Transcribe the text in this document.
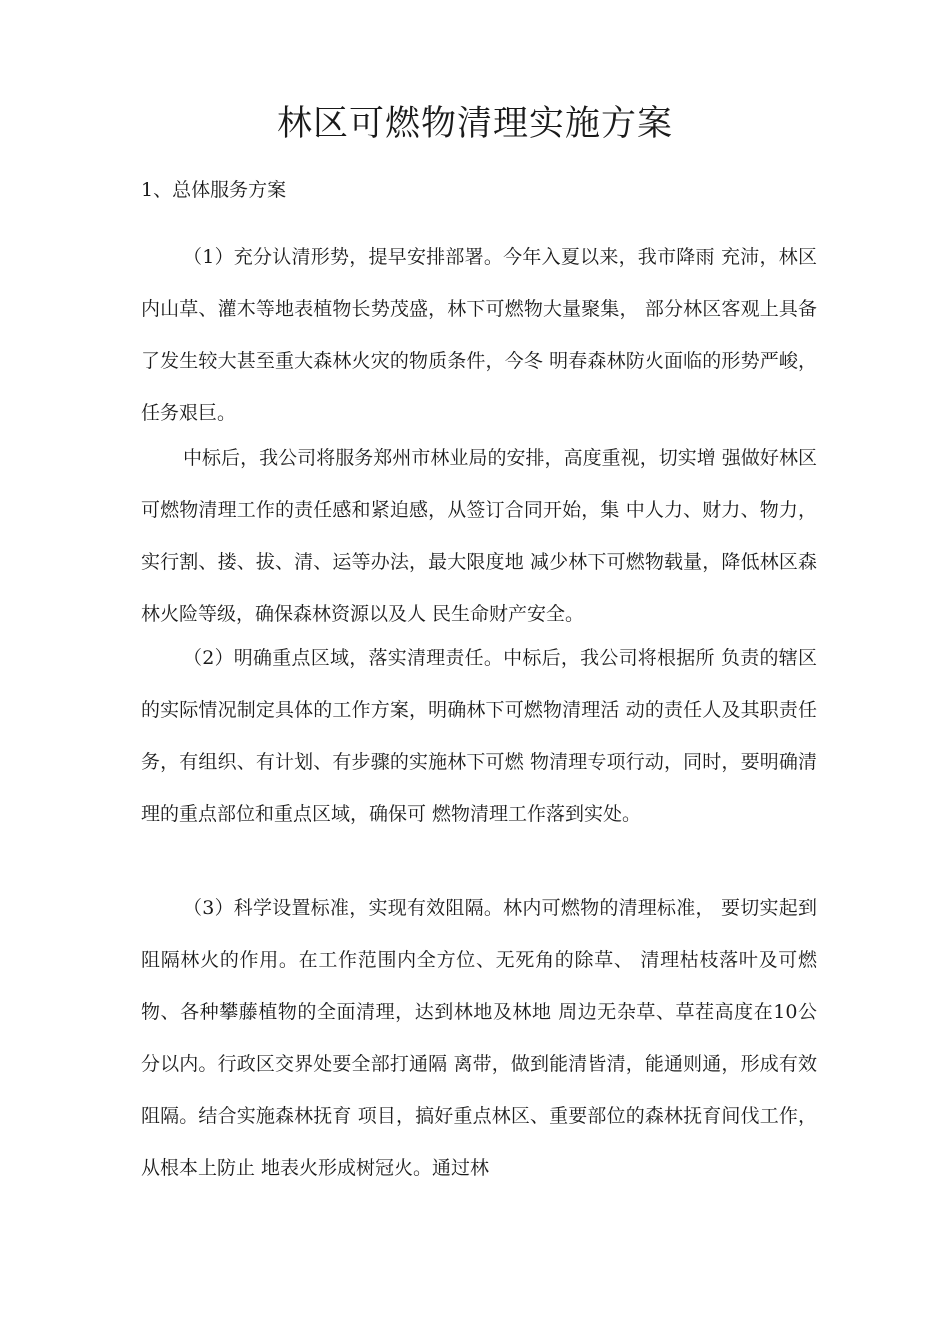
林区可燃物清理实施方案
1、总体服务方案

（1）充分认清形势，提早安排部署。今年入夏以来，我市降雨 充沛，林区内山草、灌木等地表植物长势茂盛，林下可燃物大量聚集， 部分林区客观上具备了发生较大甚至重大森林火灾的物质条件，今冬 明春森林防火面临的形势严峻，任务艰巨。

中标后，我公司将服务郑州市林业局的安排，高度重视，切实增 强做好林区可燃物清理工作的责任感和紧迫感，从签订合同开始，集 中人力、财力、物力，实行割、搂、拔、清、运等办法，最大限度地 减少林下可燃物载量，降低林区森林火险等级，确保森林资源以及人 民生命财产安全。

（2）明确重点区域，落实清理责任。中标后，我公司将根据所 负责的辖区的实际情况制定具体的工作方案，明确林下可燃物清理活 动的责任人及其职责任务，有组织、有计划、有步骤的实施林下可燃 物清理专项行动，同时，要明确清理的重点部位和重点区域，确保可 燃物清理工作落到实处。

（3）科学设置标准，实现有效阻隔。林内可燃物的清理标准， 要切实起到阻隔林火的作用。在工作范围内全方位、无死角的除草、 清理枯枝落叶及可燃物、各种攀藤植物的全面清理，达到林地及林地 周边无杂草、草茬高度在10公分以内。行政区交界处要全部打通隔 离带，做到能清皆清，能通则通，形成有效阻隔。结合实施森林抚育 项目，搞好重点林区、重要部位的森林抚育间伐工作，从根本上防止 地表火形成树冠火。通过林
